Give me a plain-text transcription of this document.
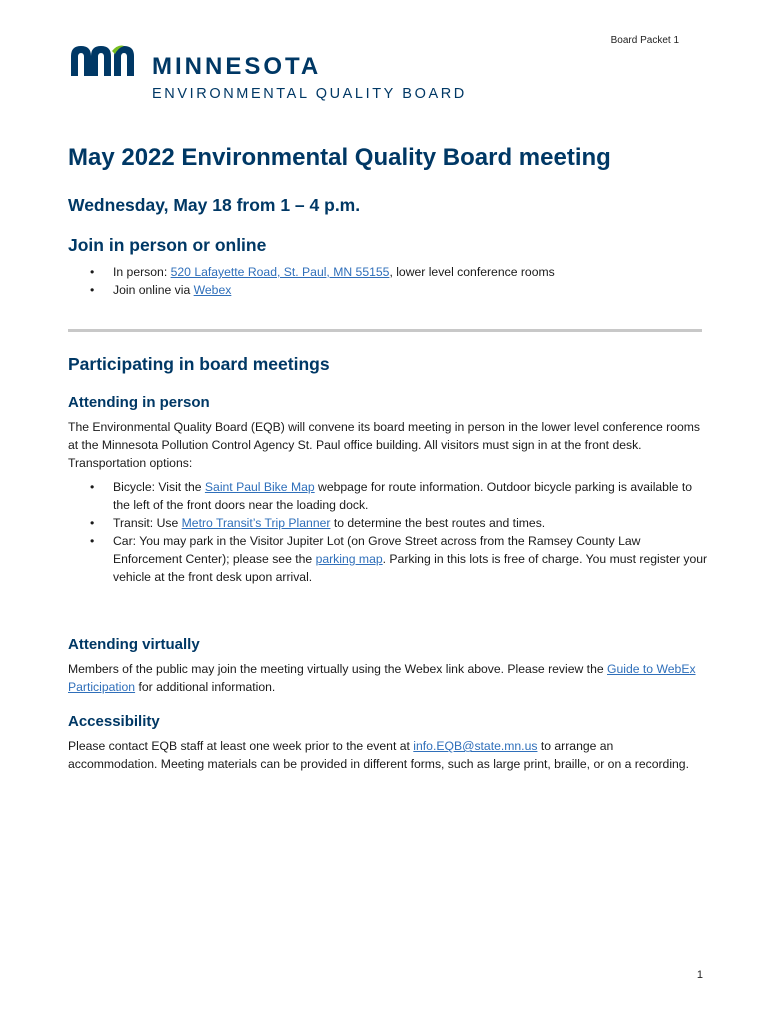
Board Packet 1
MINNESOTA
ENVIRONMENTAL QUALITY BOARD
May 2022 Environmental Quality Board meeting
Wednesday, May 18 from 1 – 4 p.m.
Join in person or online
• In person: 520 Lafayette Road, St. Paul, MN 55155, lower level conference rooms
• Join online via Webex
Participating in board meetings
Attending in person

The Environmental Quality Board (EQB) will convene its board meeting in person in the lower level conference rooms at the Minnesota Pollution Control Agency St. Paul office building. All visitors must sign in at the front desk. Transportation options:

• Bicycle: Visit the Saint Paul Bike Map webpage for route information. Outdoor bicycle parking is available to the left of the front doors near the loading dock.
• Transit: Use Metro Transit’s Trip Planner to determine the best routes and times.
• Car: You may park in the Visitor Jupiter Lot (on Grove Street across from the Ramsey County Law Enforcement Center); please see the parking map. Parking in this lots is free of charge. You must register your vehicle at the front desk upon arrival.
Attending virtually

Members of the public may join the meeting virtually using the Webex link above. Please review the Guide to WebEx Participation for additional information.

Accessibility

Please contact EQB staff at least one week prior to the event at info.EQB@state.mn.us to arrange an accommodation. Meeting materials can be provided in different forms, such as large print, braille, or on a recording.

1
